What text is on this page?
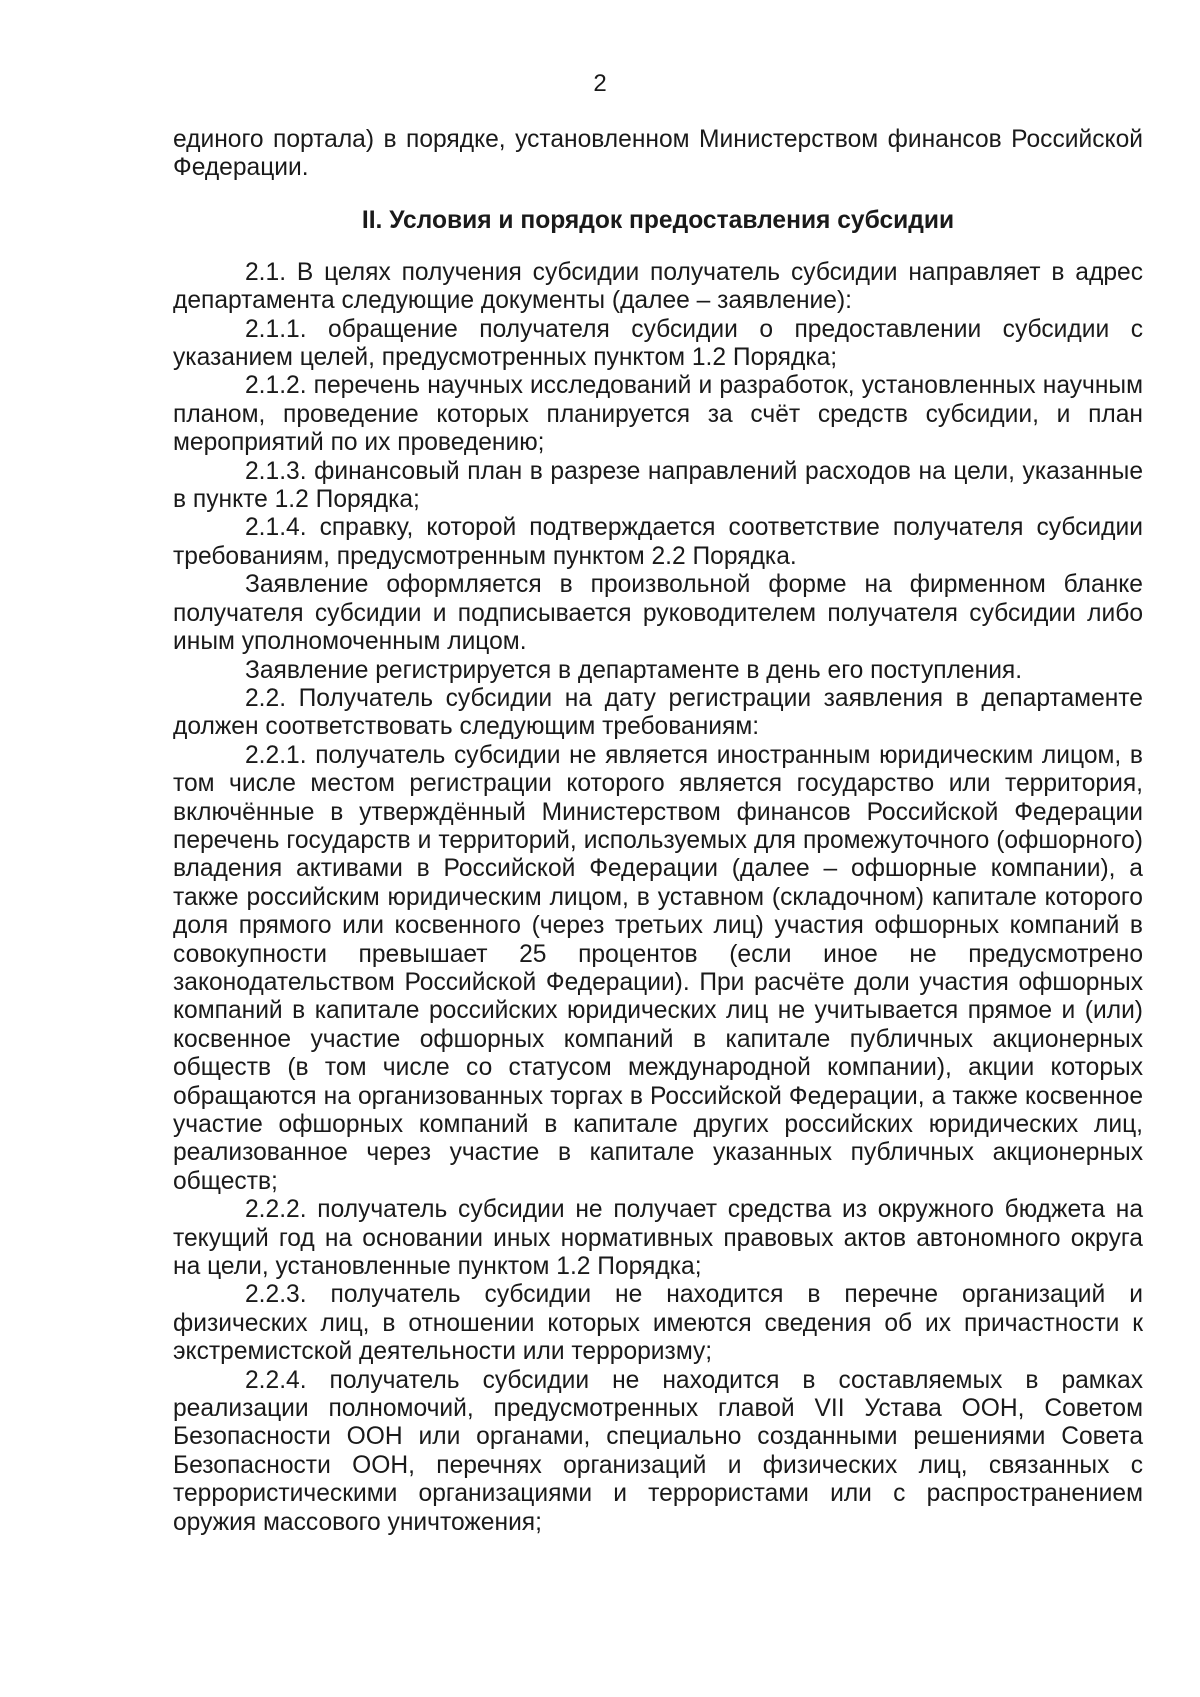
2

единого портала) в порядке, установленном Министерством финансов Российской Федерации.

II. Условия и порядок предоставления субсидии

2.1. В целях получения субсидии получатель субсидии направляет в адрес департамента следующие документы (далее – заявление):

2.1.1. обращение получателя субсидии о предоставлении субсидии с указанием целей, предусмотренных пунктом 1.2 Порядка;

2.1.2. перечень научных исследований и разработок, установленных научным планом, проведение которых планируется за счёт средств субсидии, и план мероприятий по их проведению;

2.1.3. финансовый план в разрезе направлений расходов на цели, указанные в пункте 1.2 Порядка;

2.1.4. справку, которой подтверждается соответствие получателя субсидии требованиям, предусмотренным пунктом 2.2 Порядка.

Заявление оформляется в произвольной форме на фирменном бланке получателя субсидии и подписывается руководителем получателя субсидии либо иным уполномоченным лицом.

Заявление регистрируется в департаменте в день его поступления.

2.2. Получатель субсидии на дату регистрации заявления в департаменте должен соответствовать следующим требованиям:

2.2.1. получатель субсидии не является иностранным юридическим лицом, в том числе местом регистрации которого является государство или территория, включённые в утверждённый Министерством финансов Российской Федерации перечень государств и территорий, используемых для промежуточного (офшорного) владения активами в Российской Федерации (далее – офшорные компании), а также российским юридическим лицом, в уставном (складочном) капитале которого доля прямого или косвенного (через третьих лиц) участия офшорных компаний в совокупности превышает 25 процентов (если иное не предусмотрено законодательством Российской Федерации). При расчёте доли участия офшорных компаний в капитале российских юридических лиц не учитывается прямое и (или) косвенное участие офшорных компаний в капитале публичных акционерных обществ (в том числе со статусом международной компании), акции которых обращаются на организованных торгах в Российской Федерации, а также косвенное участие офшорных компаний в капитале других российских юридических лиц, реализованное через участие в капитале указанных публичных акционерных обществ;

2.2.2. получатель субсидии не получает средства из окружного бюджета на текущий год на основании иных нормативных правовых актов автономного округа на цели, установленные пунктом 1.2 Порядка;

2.2.3. получатель субсидии не находится в перечне организаций и физических лиц, в отношении которых имеются сведения об их причастности к экстремистской деятельности или терроризму;

2.2.4. получатель субсидии не находится в составляемых в рамках реализации полномочий, предусмотренных главой VII Устава ООН, Советом Безопасности ООН или органами, специально созданными решениями Совета Безопасности ООН, перечнях организаций и физических лиц, связанных с террористическими организациями и террористами или с распространением оружия массового уничтожения;
